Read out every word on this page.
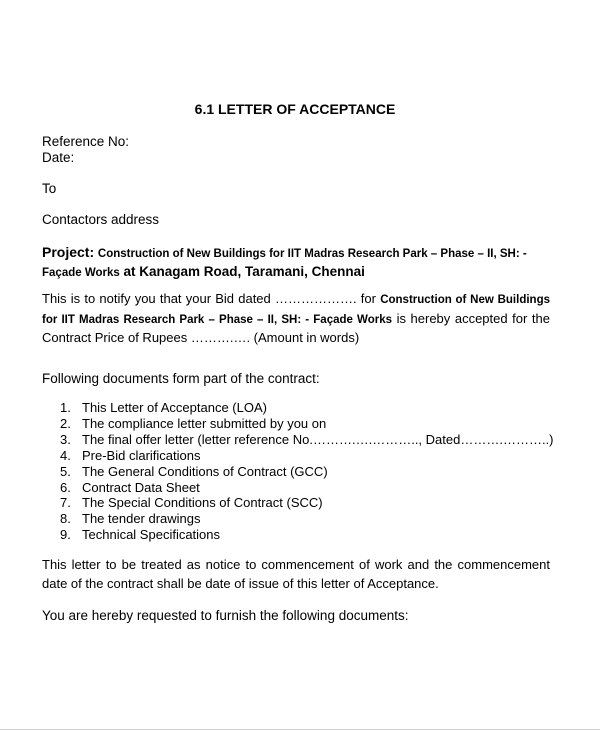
6.1 LETTER OF ACCEPTANCE
Reference No:
Date:
To
Contactors address
Project: Construction of New Buildings for IIT Madras Research Park – Phase – II, SH: - Façade Works at Kanagam Road, Taramani, Chennai
This is to notify you that your Bid dated ………………. for Construction of New Buildings for IIT Madras Research Park – Phase – II, SH: - Façade Works is hereby accepted for the Contract Price of Rupees ……….…. (Amount in words)
Following documents form part of the contract:
1. This Letter of Acceptance (LOA)
2. The compliance letter submitted by you on
3. The final offer letter (letter reference No.……….….……….., Dated……….………..)
4. Pre-Bid clarifications
5. The General Conditions of Contract (GCC)
6. Contract Data Sheet
7. The Special Conditions of Contract (SCC)
8. The tender drawings
9. Technical Specifications
This letter to be treated as notice to commencement of work and the commencement date of the contract shall be date of issue of this letter of Acceptance.
You are hereby requested to furnish the following documents:
